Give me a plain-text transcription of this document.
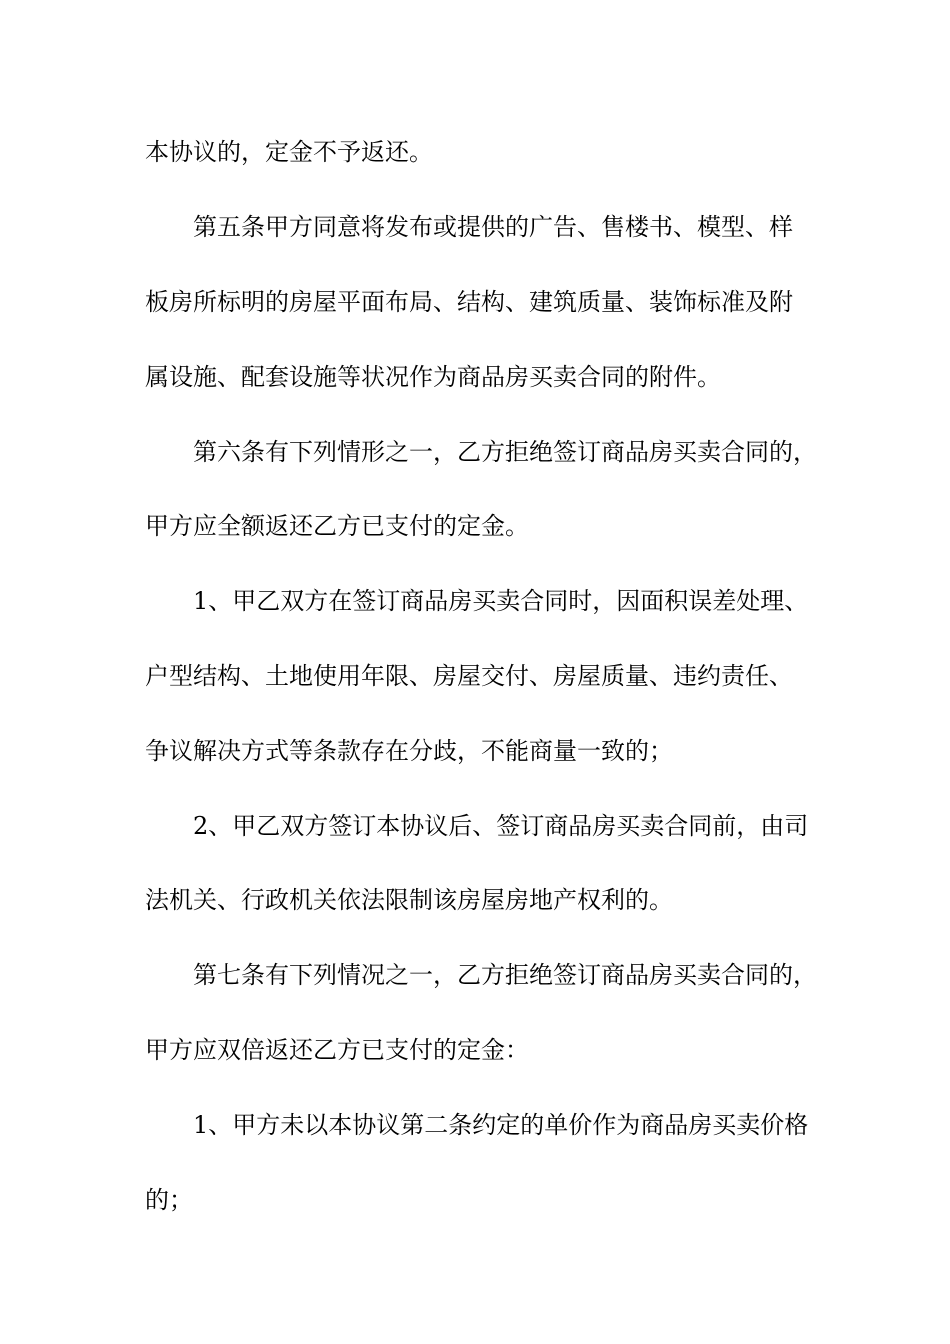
本协议的，定金不予返还。
第五条甲方同意将发布或提供的广告、售楼书、模型、样
板房所标明的房屋平面布局、结构、建筑质量、装饰标准及附
属设施、配套设施等状况作为商品房买卖合同的附件。
第六条有下列情形之一，乙方拒绝签订商品房买卖合同的，
甲方应全额返还乙方已支付的定金。
1、甲乙双方在签订商品房买卖合同时，因面积误差处理、
户型结构、土地使用年限、房屋交付、房屋质量、违约责任、
争议解决方式等条款存在分歧，不能商量一致的；
2、甲乙双方签订本协议后、签订商品房买卖合同前，由司
法机关、行政机关依法限制该房屋房地产权利的。
第七条有下列情况之一，乙方拒绝签订商品房买卖合同的，
甲方应双倍返还乙方已支付的定金：
1、甲方未以本协议第二条约定的单价作为商品房买卖价格
的；
